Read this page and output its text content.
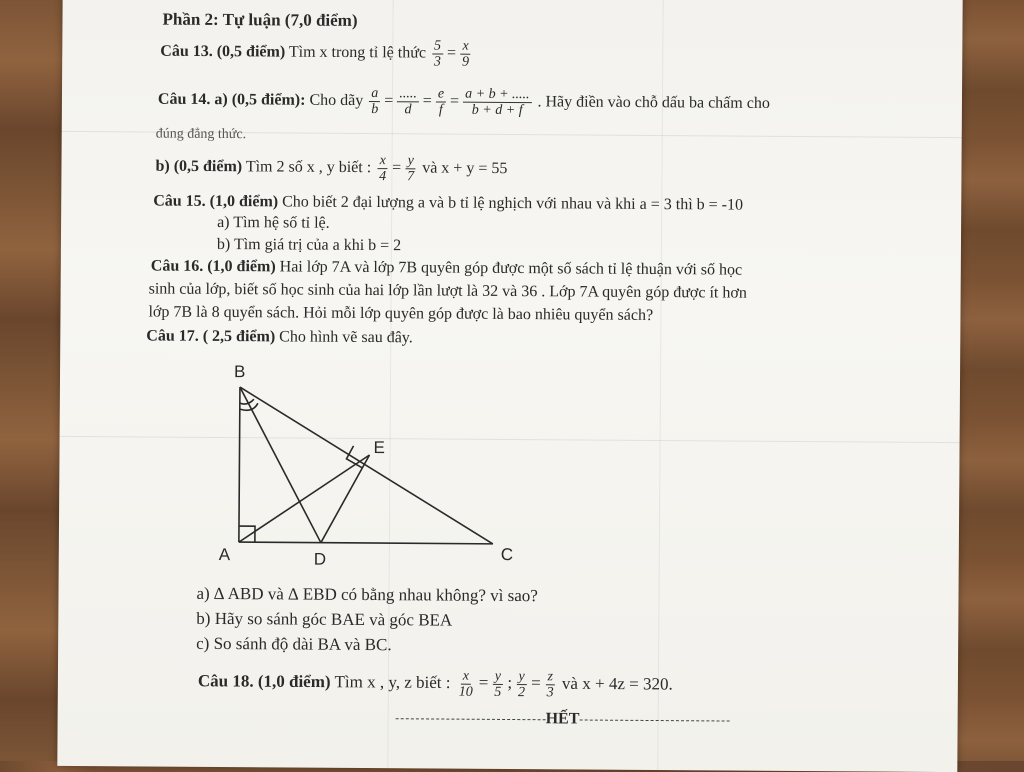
Phần 2: Tự luận (7,0 điểm)
Câu 13. (0,5 điểm) Tìm x trong tỉ lệ thức $\frac{5}{3} = \frac{x}{9}$
Câu 14. a) (0,5 điểm): Cho dãy $\frac{a}{b} = \frac{.....}{d} = \frac{e}{f} = \frac{a + b + .....}{b + d + f}$ . Hãy điền vào chỗ dấu ba chấm cho
đúng đẳng thức.
b) (0,5 điểm) Tìm 2 số x , y biết : $\frac{x}{4} = \frac{y}{7}$ và x + y = 55
Câu 15. (1,0 điểm) Cho biết 2 đại lượng a và b tỉ lệ nghịch với nhau và khi a = 3 thì b = -10
a) Tìm hệ số tỉ lệ.
b) Tìm giá trị của a khi b = 2
Câu 16. (1,0 điểm) Hai lớp 7A và lớp 7B quyên góp được một số sách tỉ lệ thuận với số học
sinh của lớp, biết số học sinh của hai lớp lần lượt là 32 và 36 . Lớp 7A quyên góp được ít hơn
lớp 7B là 8 quyển sách. Hỏi mỗi lớp quyên góp được là bao nhiêu quyển sách?
Câu 17. ( 2,5 điểm) Cho hình vẽ sau đây.
B
A	D	C
E
a) ∆ ABD và ∆ EBD có bằng nhau không? vì sao?
b) Hãy so sánh góc BAE và góc BEA
c) So sánh độ dài BA và BC.
Câu 18. (1,0 điểm) Tìm x , y, z biết : $\frac{x}{10} = \frac{y}{5}$ ; $\frac{y}{2} = \frac{z}{3}$ và x + 4z = 320.
HẾT
